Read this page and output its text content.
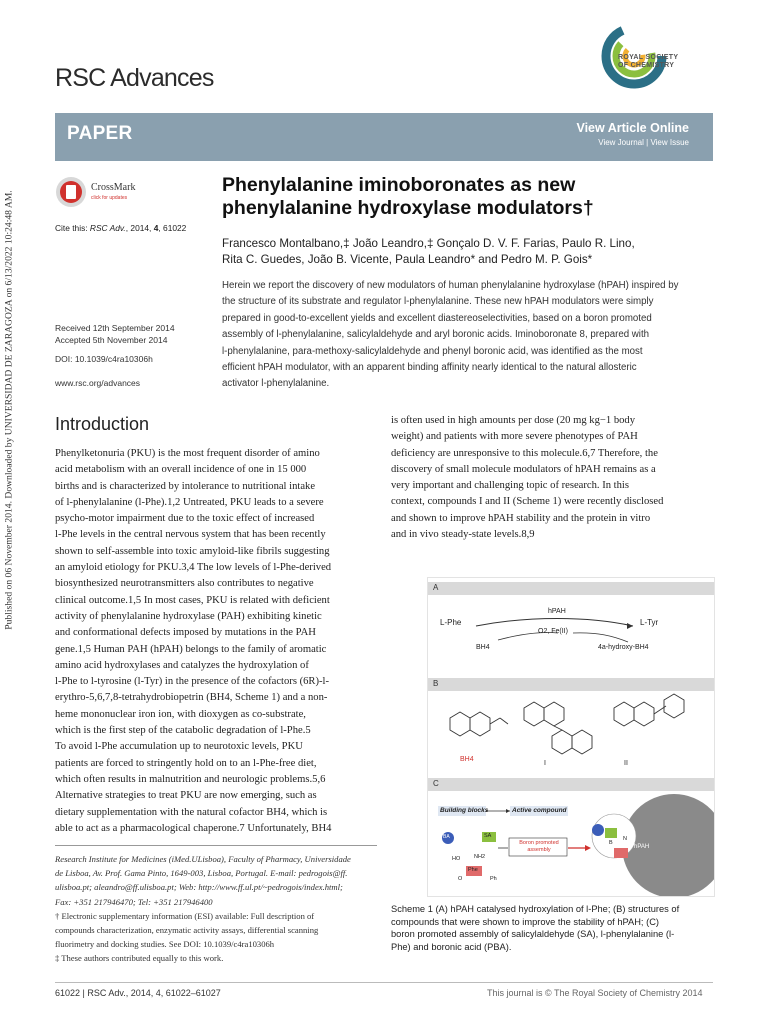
Published on 06 November 2014. Downloaded by UNIVERSIDAD DE ZARAGOZA on 6/13/2022 10:24:48 AM.
ROYAL SOCIETY
OF CHEMISTRY
RSC Advances
PAPER	View Article Online
View Journal | View Issue
CrossMark
click for updates
Cite this: RSC Adv., 2014, 4, 61022
Phenylalanine iminoboronates as new
phenylalanine hydroxylase modulators†
Francesco Montalbano,‡ João Leandro,‡ Gonçalo D. V. F. Farias, Paulo R. Lino,
Rita C. Guedes, João B. Vicente, Paula Leandro* and Pedro M. P. Gois*
Received 12th September 2014
Accepted 5th November 2014
DOI: 10.1039/c4ra10306h
www.rsc.org/advances
Herein we report the discovery of new modulators of human phenylalanine hydroxylase (hPAH) inspired by
the structure of its substrate and regulator l-phenylalanine. These new hPAH modulators were simply
prepared in good-to-excellent yields and excellent diastereoselectivities, based on a boron promoted
assembly of l-phenylalanine, salicylaldehyde and aryl boronic acids. Iminoboronate 8, prepared with
l-phenylalanine, para-methoxy-salicylaldehyde and phenyl boronic acid, was identified as the most
efficient hPAH modulator, with an apparent binding affinity nearly identical to the natural allosteric
activator l-phenylalanine.
Introduction
Phenylketonuria (PKU) is the most frequent disorder of amino
acid metabolism with an overall incidence of one in 15 000
births and is characterized by intolerance to nutritional intake
of l-phenylalanine (l-Phe).1,2 Untreated, PKU leads to a severe
psycho-motor impairment due to the toxic effect of increased
l-Phe levels in the central nervous system that has been recently
shown to self-assemble into toxic amyloid-like fibrils suggesting
an amyloid etiology for PKU.3,4 The low levels of l-Phe-derived
biosynthesized neurotransmitters also contributes to negative
clinical outcome.1,5 In most cases, PKU is related with deficient
activity of phenylalanine hydroxylase (PAH) exhibiting kinetic
and conformational defects imposed by mutations in the PAH
gene.1,5 Human PAH (hPAH) belongs to the family of aromatic
amino acid hydroxylases and catalyzes the hydroxylation of
l-Phe to l-tyrosine (l-Tyr) in the presence of the cofactors (6R)-l-
erythro-5,6,7,8-tetrahydrobiopetrin (BH4, Scheme 1) and a non-
heme mononuclear iron ion, with dioxygen as co-substrate,
which is the first step of the catabolic degradation of l-Phe.5
To avoid l-Phe accumulation up to neurotoxic levels, PKU
patients are forced to stringently hold on to an l-Phe-free diet,
which often results in malnutrition and neurologic problems.5,6
Alternative strategies to treat PKU are now emerging, such as
dietary supplementation with the natural cofactor BH4, which is
able to act as a pharmacological chaperone.7 Unfortunately, BH4
is often used in high amounts per dose (20 mg kg−1 body
weight) and patients with more severe phenotypes of PAH
deficiency are unresponsive to this molecule.6,7 Therefore, the
discovery of small molecule modulators of hPAH remains as a
very important and challenging topic of research. In this
context, compounds I and II (Scheme 1) were recently disclosed
and shown to improve hPAH stability and the protein in vitro
and in vivo steady-state levels.8,9
A
B
C
L-Phe	L-Tyr
hPAH
O2, Fe(II)
BH4	4a-hydroxy-BH4
BH4
I	II
Building blocks	Active compound
Boron promoted assembly
BA	SA
Phe
hPAH
NH2
HO
Ph
O
N
B
Scheme 1 (A) hPAH catalysed hydroxylation of l-Phe; (B) structures of
compounds that were shown to improve the stability of hPAH; (C)
boron promoted assembly of salicylaldehyde (SA), l-phenylalanine (l-
Phe) and boronic acid (PBA).
Research Institute for Medicines (iMed.ULisboa), Faculty of Pharmacy, Universidade
de Lisboa, Av. Prof. Gama Pinto, 1649-003, Lisboa, Portugal. E-mail: pedrogois@ff.
ulisboa.pt; aleandro@ff.ulisboa.pt; Web: http://www.ff.ul.pt/~pedrogois/index.html;
Fax: +351 217946470; Tel: +351 217946400
† Electronic supplementary information (ESI) available: Full description of
compounds characterization, enzymatic activity assays, differential scanning
fluorimetry and docking studies. See DOI: 10.1039/c4ra10306h
‡ These authors contributed equally to this work.
61022 | RSC Adv., 2014, 4, 61022–61027	This journal is © The Royal Society of Chemistry 2014
